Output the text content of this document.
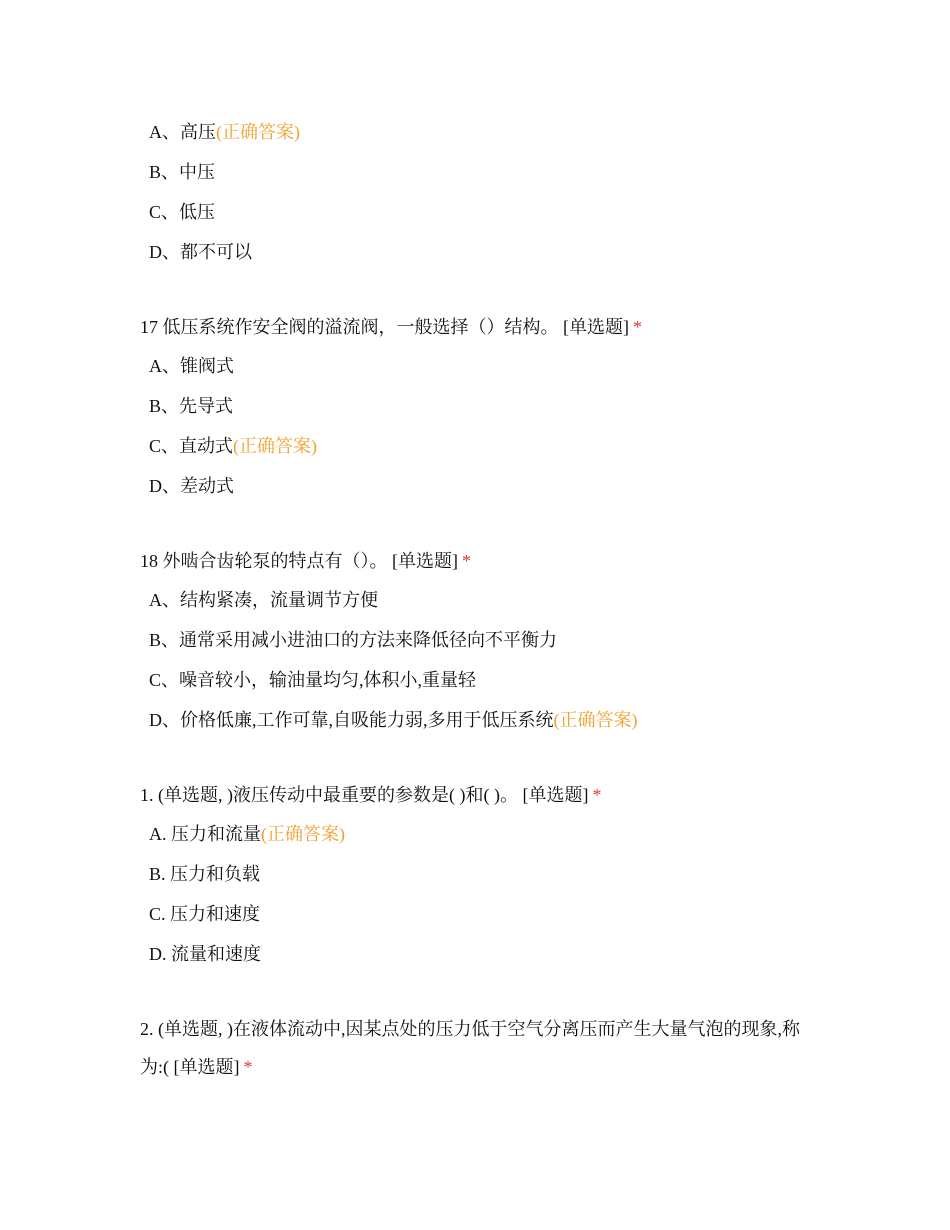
A、高压(正确答案)
B、中压
C、低压
D、都不可以

17 低压系统作安全阀的溢流阀，一般选择（）结构。 [单选题] *

A、锥阀式
B、先导式
C、直动式(正确答案)
D、差动式

18 外啮合齿轮泵的特点有（）。 [单选题] *

A、结构紧凑，流量调节方便
B、通常采用减小进油口的方法来降低径向不平衡力
C、噪音较小，输油量均匀,体积小,重量轻
D、价格低廉,工作可靠,自吸能力弱,多用于低压系统(正确答案)

1. (单选题, )液压传动中最重要的参数是( )和( )。 [单选题] *

A. 压力和流量(正确答案)
B. 压力和负载
C. 压力和速度
D. 流量和速度

2. (单选题, )在液体流动中,因某点处的压力低于空气分离压而产生大量气泡的现象,称为:( [单选题] *
